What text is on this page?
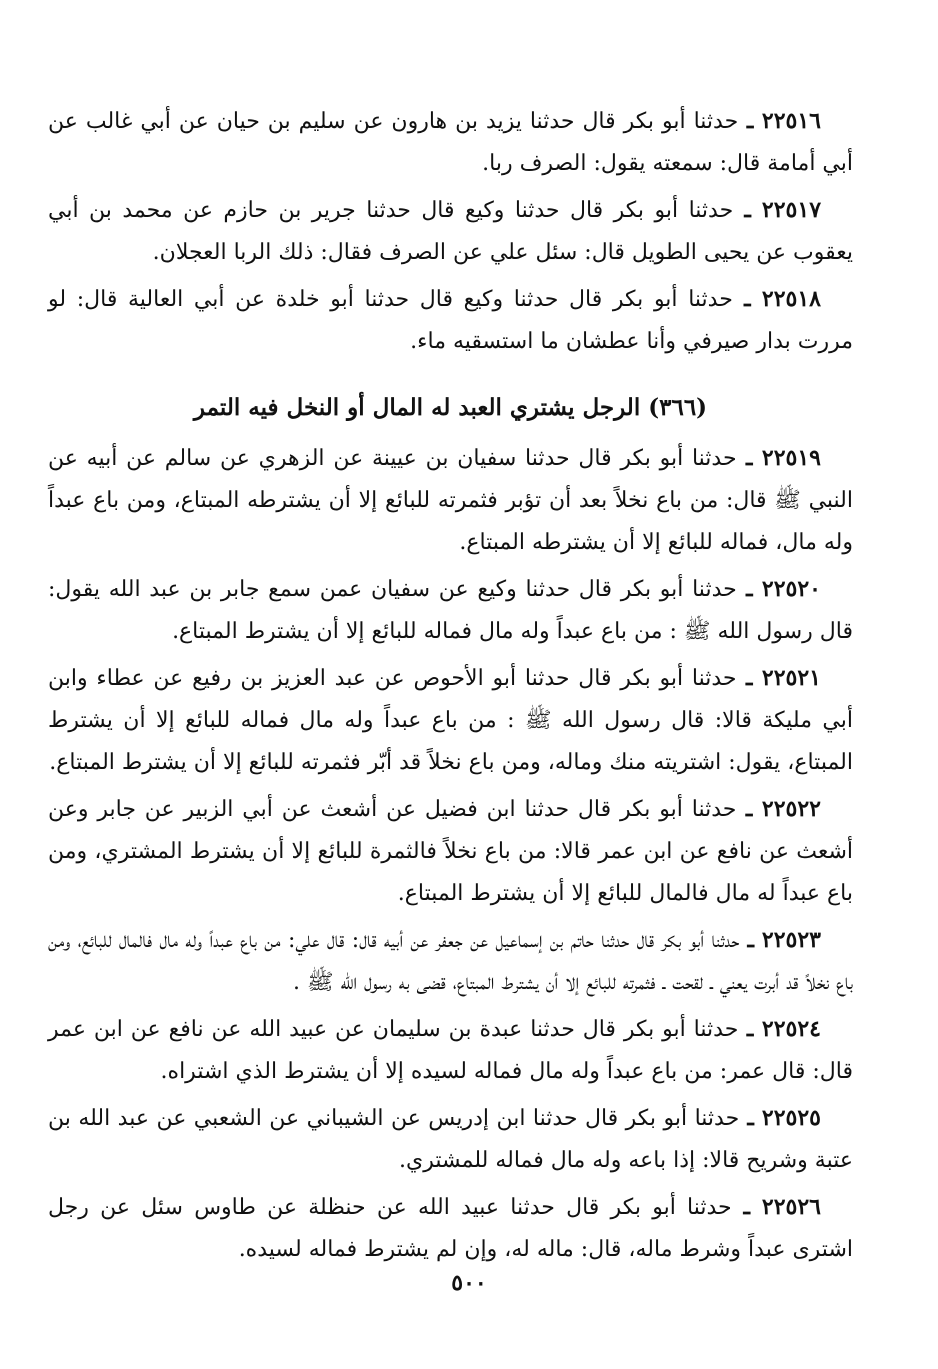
٢٢٥١٦ ـ حدثنا أبو بكر قال حدثنا يزيد بن هارون عن سليم بن حيان عن أبي غالب عن أبي أمامة قال: سمعته يقول: الصرف ربا.

٢٢٥١٧ ـ حدثنا أبو بكر قال حدثنا وكيع قال حدثنا جرير بن حازم عن محمد بن أبي يعقوب عن يحيى الطويل قال: سئل علي عن الصرف فقال: ذلك الربا العجلان.

٢٢٥١٨ ـ حدثنا أبو بكر قال حدثنا وكيع قال حدثنا أبو خلدة عن أبي العالية قال: لو مررت بدار صيرفي وأنا عطشان ما استسقيه ماء.

(٣٦٦) الرجل يشتري العبد له المال أو النخل فيه التمر

٢٢٥١٩ ـ حدثنا أبو بكر قال حدثنا سفيان بن عيينة عن الزهري عن سالم عن أبيه عن النبي ﷺ قال: من باع نخلاً بعد أن تؤبر فثمرته للبائع إلا أن يشترطه المبتاع، ومن باع عبداً وله مال، فماله للبائع إلا أن يشترطه المبتاع.

٢٢٥٢٠ ـ حدثنا أبو بكر قال حدثنا وكيع عن سفيان عمن سمع جابر بن عبد الله يقول: قال رسول الله ﷺ : من باع عبداً وله مال فماله للبائع إلا أن يشترط المبتاع.

٢٢٥٢١ ـ حدثنا أبو بكر قال حدثنا أبو الأحوص عن عبد العزيز بن رفيع عن عطاء وابن أبي مليكة قالا: قال رسول الله ﷺ : من باع عبداً وله مال فماله للبائع إلا أن يشترط المبتاع، يقول: اشتريته منك وماله، ومن باع نخلاً قد أبّر فثمرته للبائع إلا أن يشترط المبتاع.

٢٢٥٢٢ ـ حدثنا أبو بكر قال حدثنا ابن فضيل عن أشعث عن أبي الزبير عن جابر وعن أشعث عن نافع عن ابن عمر قالا: من باع نخلاً فالثمرة للبائع إلا أن يشترط المشتري، ومن باع عبداً له مال فالمال للبائع إلا أن يشترط المبتاع.

٢٢٥٢٣ ـ حدثنا أبو بكر قال حدثنا حاتم بن إسماعيل عن جعفر عن أبيه قال: قال علي: من باع عبداً وله مال فالمال للبائع، ومن باع نخلاً قد أبرت يعني ـ لقحت ـ فثمرته للبائع إلا أن يشترط المبتاع، قضى به رسول الله ﷺ .

٢٢٥٢٤ ـ حدثنا أبو بكر قال حدثنا عبدة بن سليمان عن عبيد الله عن نافع عن ابن عمر قال: قال عمر: من باع عبداً وله مال فماله لسيده إلا أن يشترط الذي اشتراه.

٢٢٥٢٥ ـ حدثنا أبو بكر قال حدثنا ابن إدريس عن الشيباني عن الشعبي عن عبد الله بن عتبة وشريح قالا: إذا باعه وله مال فماله للمشتري.

٢٢٥٢٦ ـ حدثنا أبو بكر قال حدثنا عبيد الله عن حنظلة عن طاوس سئل عن رجل اشترى عبداً وشرط ماله، قال: ماله له، وإن لم يشترط فماله لسيده.

٥٠٠
